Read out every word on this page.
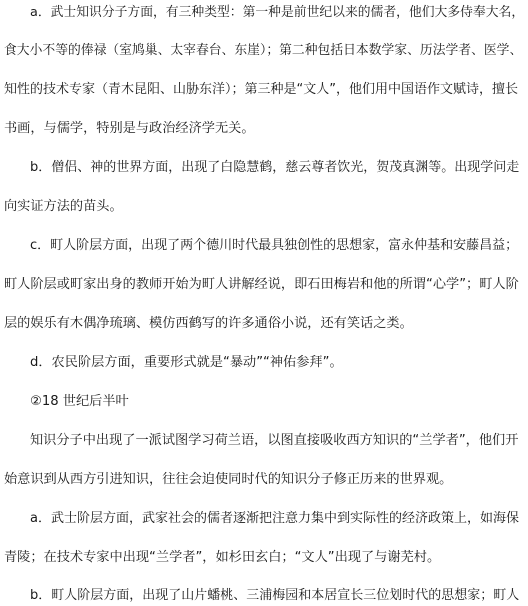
a．武士知识分子方面，有三种类型：第一种是前世纪以来的儒者，他们大多侍奉大名，
食大小不等的俸禄（室鸠巢、太宰春台、东崖）；第二种包括日本数学家、历法学者、医学、
知性的技术专家（青木昆阳、山胁东洋）；第三种是“文人”，他们用中国语作文赋诗，擅长
书画，与儒学，特别是与政治经济学无关。
b．僧侣、神的世界方面，出现了白隐慧鹤，慈云尊者饮光，贺茂真渊等。出现学问走
向实证方法的苗头。
c．町人阶层方面，出现了两个德川时代最具独创性的思想家，富永仲基和安藤昌益；
町人阶层或町家出身的教师开始为町人讲解经说，即石田梅岩和他的所谓“心学”；町人阶
层的娱乐有木偶净琉璃、模仿西鹤写的许多通俗小说，还有笑话之类。
d．农民阶层方面，重要形式就是“暴动”“神佑参拜”。
②18 世纪后半叶
知识分子中出现了一派试图学习荷兰语，以图直接吸收西方知识的“兰学者”，他们开
始意识到从西方引进知识，往往会迫使同时代的知识分子修正历来的世界观。
a．武士阶层方面，武家社会的儒者逐渐把注意力集中到实际性的经济政策上，如海保
青陵；在技术专家中出现“兰学者”，如杉田玄白；“文人”出现了与谢芜村。
b．町人阶层方面，出现了山片蟠桃、三浦梅园和本居宣长三位划时代的思想家；町人
